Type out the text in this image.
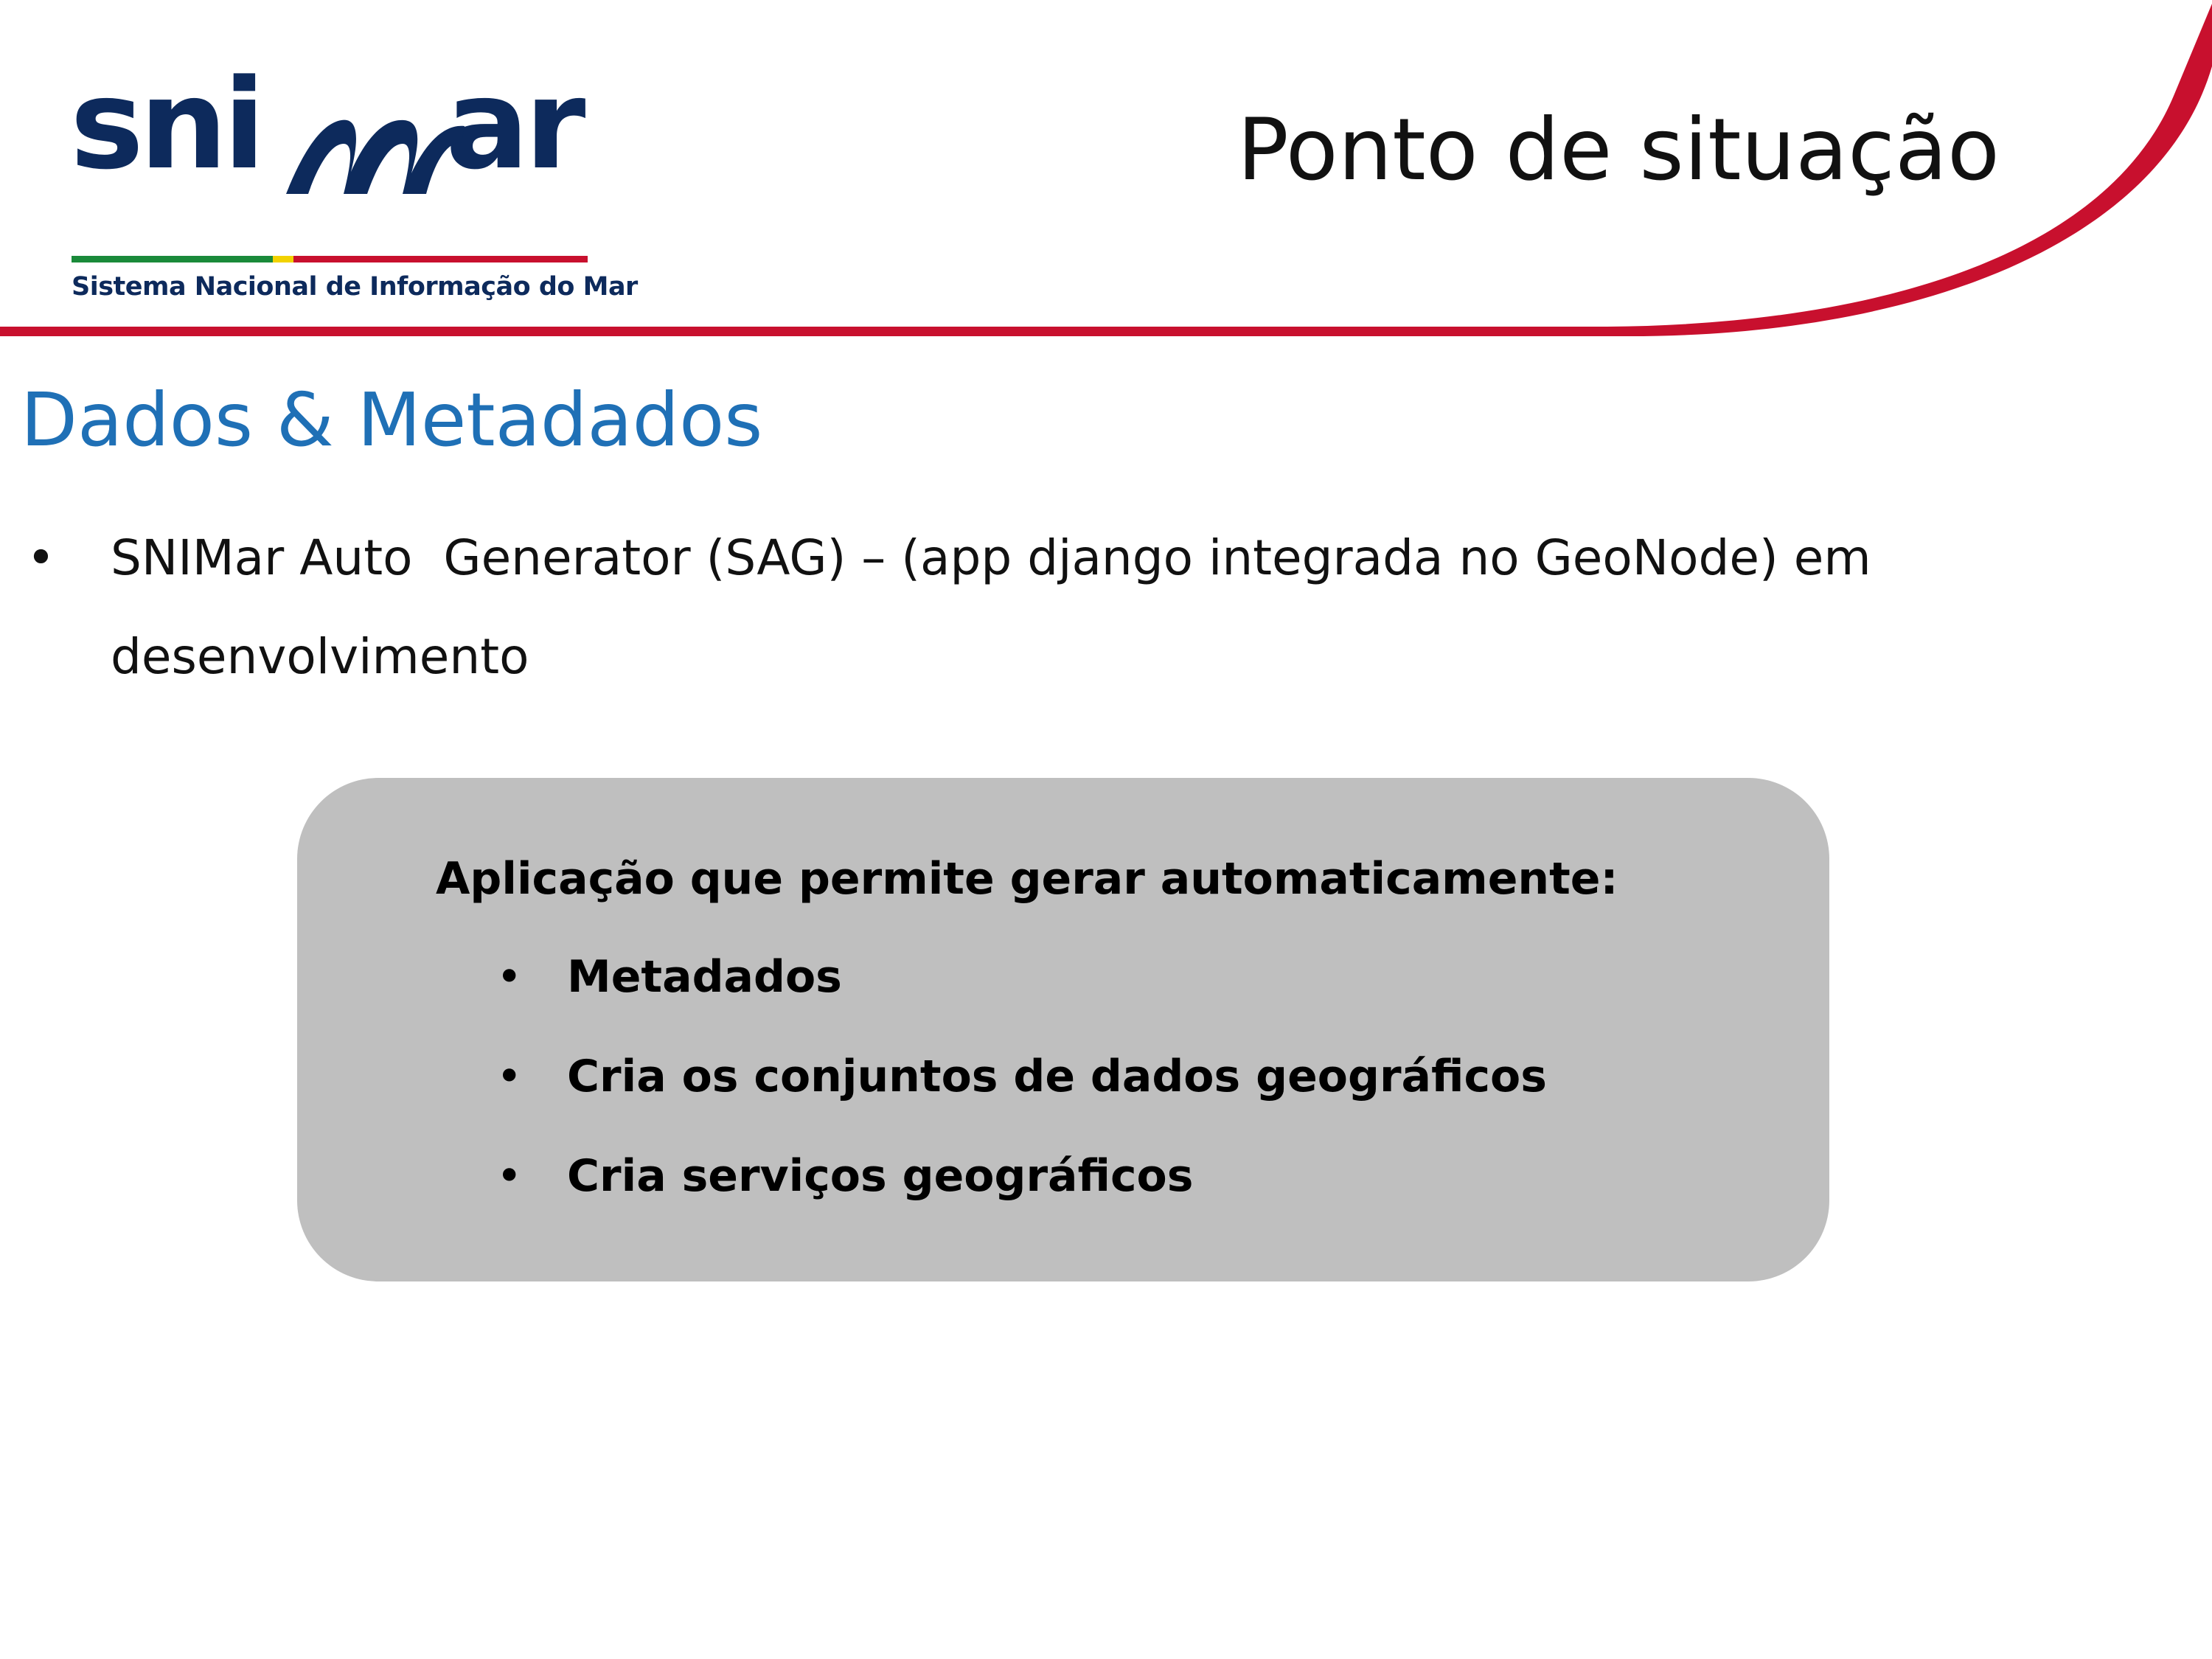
sni ar
Sistema Nacional de Informação do Mar
Ponto de situação
Dados & Metadados
• SNIMar Auto  Generator (SAG) – (app django integrada no GeoNode) em desenvolvimento
Aplicação que permite gerar automaticamente:
• Metadados
• Cria os conjuntos de dados geográficos
• Cria serviços geográficos
